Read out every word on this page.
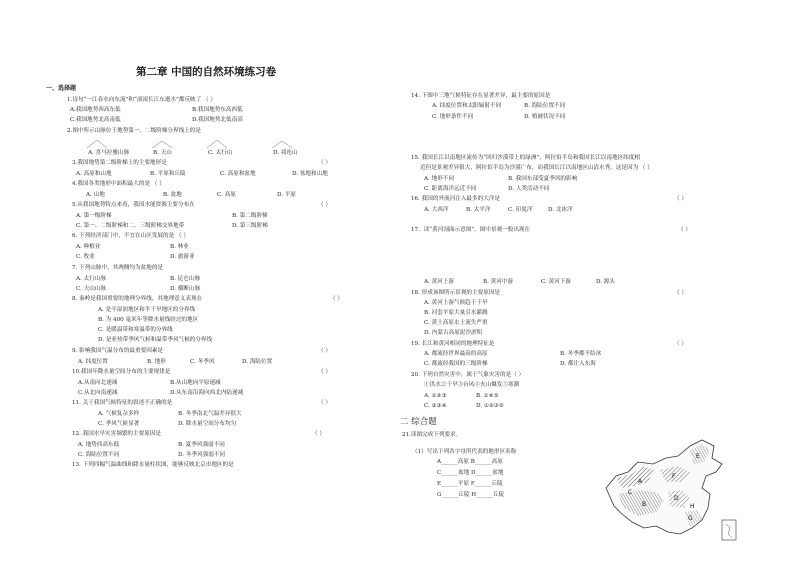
第二章 中国的自然环境练习卷
一、选择题
1.诗句“一江春水向东流”和“滚滚长江东逝水”都反映了 （ ）
A.我国地势西高东低	B.我国地势东高西低
C.我国地势北高南低	D.我国地势北低南高
2.图中所示山脉位于地势第一、二级阶梯分界线上的是
A. 喜马拉雅山脉	B. 天山	C. 太行山	D. 祁连山
3.我国地势第二级阶梯上的主要地形是	（ ）
A. 高原和山地	B. 平原和丘陵	C. 高原和盆地	D. 盆地和山地
4.我国各类地形中面积最大的是 （ ）
A. 山地	B. 盆地	C. 高原	D. 平原
5.从我国地势特点来看，我国水能资源主要分布在	（ ）
A. 第一级阶梯	B. 第二级阶梯
C. 第一、二级阶梯和二、三级阶梯交界地带	D. 第三级阶梯
6. 下列经济部门中，不宜在山区发展的是 （ ）
A. 种植业	B. 林业
C. 牧业	D. 旅游业
7. 下列山脉中，其两侧均为盆地的是
A. 太行山脉	B. 昆仑山脉
C. 天山山脉	D. 横断山脉
8. 秦岭是我国重要的地理分界线，其地理意义表现在	（ ）
A. 是半湿润地区和半干旱地区的分界线
B. 为 400 毫米年等降水量线经过的地区
C. 是暖温带和寒温带的分界线
D. 是亚热带季风气候和温带季风气候的分界线
9. 影响我国气温分布的最重要因素是	（ ）
A. 纬度位置	B. 地形	C. 冬季风	D. 海陆位置
10.我国年降水量空间分布的主要规律是	（ ）
A.从南向北递减	B.从山地向平原递减
C.从北向南递减	D.从东南沿海向西北内陆递减
11. 关于我国气候特征的叙述不正确的是	（ ）
A. 气候复杂多样	B. 冬季南北气温差异很大
C. 季风气候显著	D. 降水量空间分布均匀
12. 我国水旱灾害频繁的主要原因是	（ ）
A. 地势西高东低	B. 夏季风强弱不同
C. 海陆位置不同	D. 冬季风强弱不同
13. 下列四幅气温曲线和降水量柱状图，能够反映北京市地区的是
14. 下图中三地气候特征存在显著差异，最主要的原因是
A. 纬度位置和太阳辐射不同	B. 海陆位置不同
C. 地形条件不同	D. 植被状况不同
15. 我国长江以南地区流传为“回归沙漠带上的绿洲”，阿拉伯半岛和我国长江以南地区纬度相
近但是景观差异很大，阿拉伯半岛为沙漠广布，而我国长江以南地区山清水秀，这是因为 （ ）
A. 地形不同	B. 我国东部受夏季风的影响
C. 距离海洋远近不同	D. 人类活动不同
16. 我国的外流河注入最多的大洋是	（ ）
A. 大西洋	B. 太平洋	C. 印度洋	D. 北冰洋
17．读“黄河剖面示意图”，图中景观一般出现在	（ ）
A. 黄河上游	B. 黄河中游	C. 黄河下游	D. 源头
18. 形成该图所示景观的主要原因是	（ ）
A. 黄河上游气候趋于干旱
B. 河套平原大量引水灌溉
C. 黄土高原水土流失严重
D. 内蒙古高原泥沙淤积
19. 长江和黄河相同的地理特征是	（ ）
A. 都流经世界最高的高原	B. 冬季都不结冰
C. 都流经我国的三级阶梯	D. 都注入东海
20. 下列自然灾害中，属于气象灾害的是（ ）
①洪水②干旱③台风④火山爆发⑤寒潮
A. ①②③	B. ①④⑤
C. ②③④	D. ①②③⑤
二 综合题
21.读图完成下列要求。
（1）写出下列各字母所代表的地形区名称
A______高原 B______高原
C______盆地 D______盆地
E______平原 F______丘陵
G______丘陵 H______丘陵
A
B
C
D
E
F
G
H
